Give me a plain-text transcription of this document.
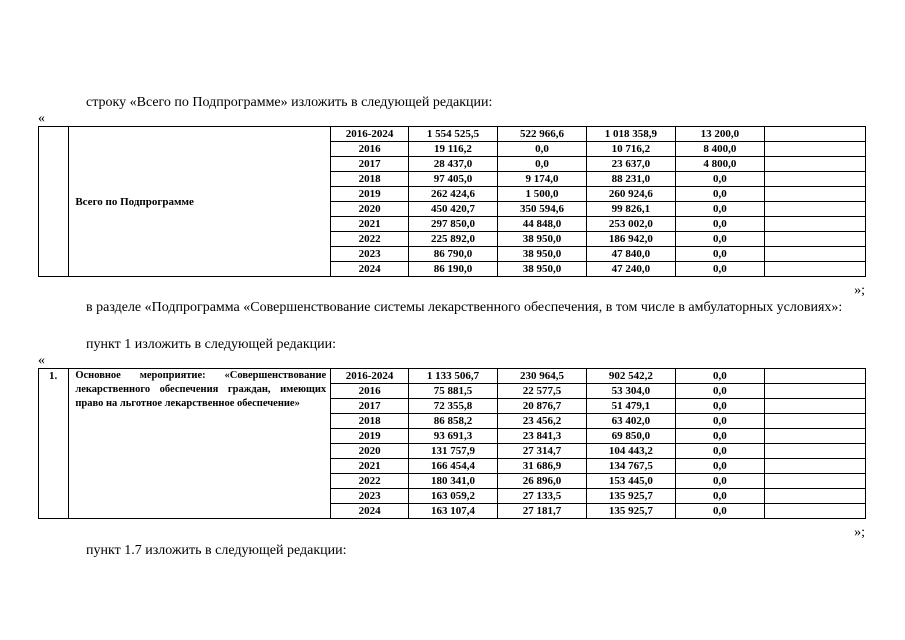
строку «Всего по Подпрограмме» изложить в следующей редакции:
«
	Всего по Подпрограмме	2016-2024	1 554 525,5	522 966,6	1 018 358,9	13 200,0	
		2016	19 116,2	0,0	10 716,2	8 400,0	
		2017	28 437,0	0,0	23 637,0	4 800,0	
		2018	97 405,0	9 174,0	88 231,0	0,0	
		2019	262 424,6	1 500,0	260 924,6	0,0	
		2020	450 420,7	350 594,6	99 826,1	0,0	
		2021	297 850,0	44 848,0	253 002,0	0,0	
		2022	225 892,0	38 950,0	186 942,0	0,0	
		2023	86 790,0	38 950,0	47 840,0	0,0	
		2024	86 190,0	38 950,0	47 240,0	0,0	
»;
в разделе «Подпрограмма «Совершенствование системы лекарственного обеспечения, в том числе в амбулаторных условиях»:
пункт 1 изложить в следующей редакции:
«
1.	Основное мероприятие: «Совершенствование лекарственного обеспечения граждан, имеющих право на льготное лекарственное обеспечение»	2016-2024	1 133 506,7	230 964,5	902 542,2	0,0	
		2016	75 881,5	22 577,5	53 304,0	0,0	
		2017	72 355,8	20 876,7	51 479,1	0,0	
		2018	86 858,2	23 456,2	63 402,0	0,0	
		2019	93 691,3	23 841,3	69 850,0	0,0	
		2020	131 757,9	27 314,7	104 443,2	0,0	
		2021	166 454,4	31 686,9	134 767,5	0,0	
		2022	180 341,0	26 896,0	153 445,0	0,0	
		2023	163 059,2	27 133,5	135 925,7	0,0	
		2024	163 107,4	27 181,7	135 925,7	0,0	
»;
пункт 1.7 изложить в следующей редакции:
